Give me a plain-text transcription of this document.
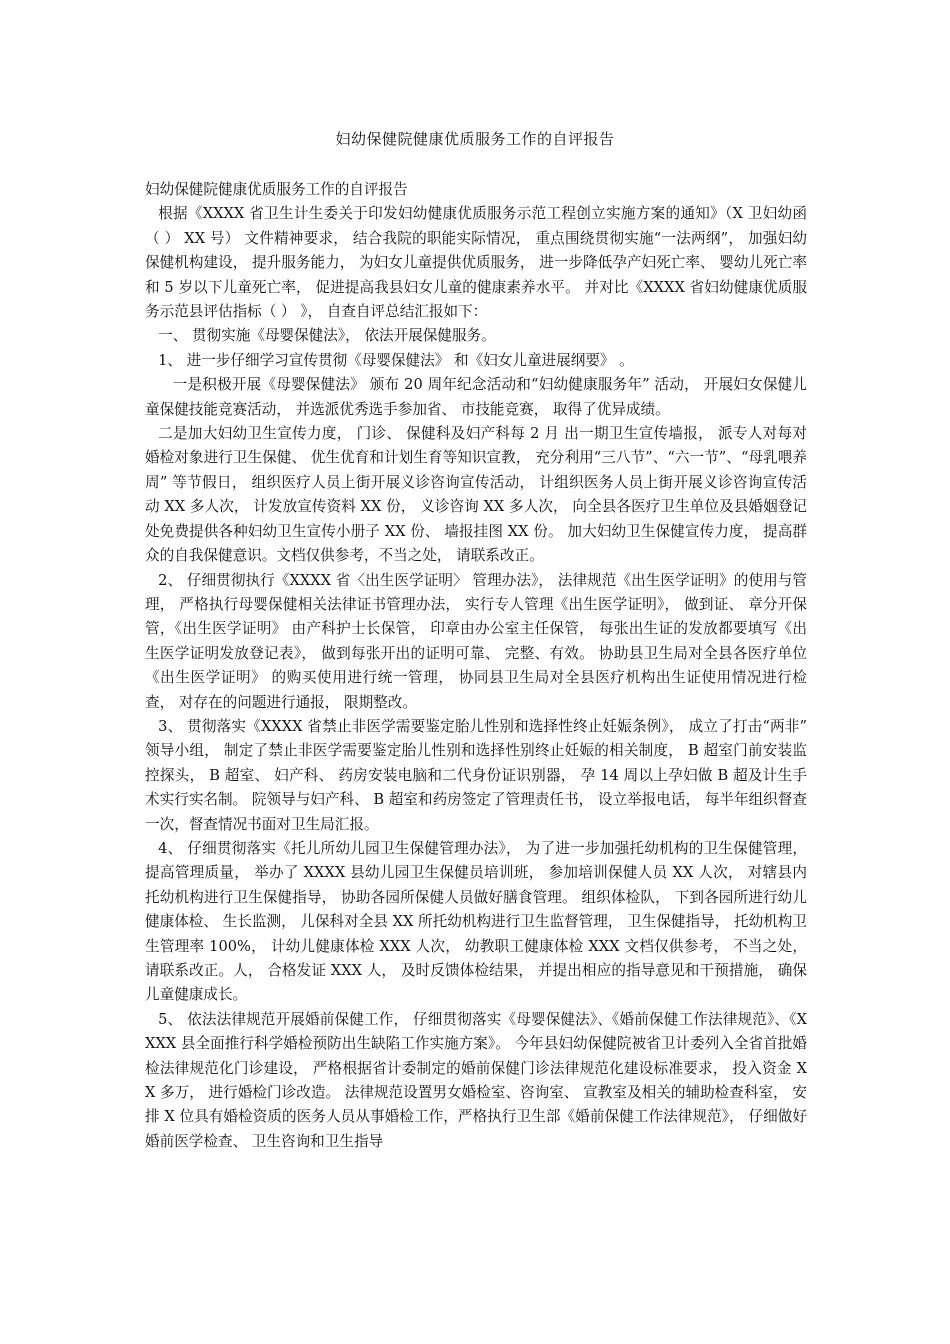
妇幼保健院健康优质服务工作的自评报告

妇幼保健院健康优质服务工作的自评报告

根据《XXXX 省卫生计生委关于印发妇幼健康优质服务示范工程创立实施方案的通知》（X 卫妇幼函（ ） XX 号） 文件精神要求， 结合我院的职能实际情况， 重点围绕贯彻实施“一法两纲”， 加强妇幼保健机构建设， 提升服务能力， 为妇女儿童提供优质服务， 进一步降低孕产妇死亡率、 婴幼儿死亡率和 5 岁以下儿童死亡率， 促进提高我县妇女儿童的健康素养水平。 并对比《XXXX 省妇幼健康优质服务示范县评估指标（ ） 》， 自查自评总结汇报如下：

一、 贯彻实施《母婴保健法》， 依法开展保健服务。

1、 进一步仔细学习宣传贯彻《母婴保健法》 和《妇女儿童进展纲要》 。

一是积极开展《母婴保健法》 颁布 20 周年纪念活动和“妇幼健康服务年” 活动， 开展妇女保健儿童保健技能竞赛活动， 并选派优秀选手参加省、 市技能竞赛， 取得了优异成绩。

二是加大妇幼卫生宣传力度， 门诊、 保健科及妇产科每 2 月 出一期卫生宣传墙报， 派专人对每对婚检对象进行卫生保健、 优生优育和计划生育等知识宣教， 充分利用“三八节”、“六一节”、“母乳喂养周” 等节假日， 组织医疗人员上街开展义诊咨询宣传活动， 计组织医务人员上街开展义诊咨询宣传活动 XX 多人次， 计发放宣传资料 XX 份， 义诊咨询 XX 多人次， 向全县各医疗卫生单位及县婚姻登记处免费提供各种妇幼卫生宣传小册子 XX 份、 墙报挂图 XX 份。 加大妇幼卫生保健宣传力度， 提高群众的自我保健意识。文档仅供参考，不当之处， 请联系改正。

2、 仔细贯彻执行《XXXX 省〈出生医学证明〉 管理办法》， 法律规范《出生医学证明》的使用与管理， 严格执行母婴保健相关法律证书管理办法， 实行专人管理《出生医学证明》， 做到证、 章分开保管，《出生医学证明》 由产科护士长保管， 印章由办公室主任保管， 每张出生证的发放都要填写《出生医学证明发放登记表》， 做到每张开出的证明可靠、 完整、有效。 协助县卫生局对全县各医疗单位《出生医学证明》 的购买使用进行统一管理， 协同县卫生局对全县医疗机构出生证使用情况进行检查， 对存在的问题进行通报， 限期整改。

3、 贯彻落实《XXXX 省禁止非医学需要鉴定胎儿性别和选择性终止妊娠条例》， 成立了打击“两非” 领导小组， 制定了禁止非医学需要鉴定胎儿性别和选择性别终止妊娠的相关制度， B 超室门前安装监控探头， B 超室、 妇产科、 药房安装电脑和二代身份证识别器， 孕 14 周以上孕妇做 B 超及计生手术实行实名制。 院领导与妇产科、 B 超室和药房签定了管理责任书， 设立举报电话， 每半年组织督查一次，督查情况书面对卫生局汇报。

4、 仔细贯彻落实《托儿所幼儿园卫生保健管理办法》， 为了进一步加强托幼机构的卫生保健管理， 提高管理质量， 举办了 XXXX 县幼儿园卫生保健员培训班， 参加培训保健人员 XX 人次， 对辖县内托幼机构进行卫生保健指导， 协助各园所保健人员做好膳食管理。 组织体检队， 下到各园所进行幼儿健康体检、 生长监测， 儿保科对全县 XX 所托幼机构进行卫生监督管理， 卫生保健指导， 托幼机构卫生管理率 100%， 计幼儿健康体检 XXX 人次， 幼教职工健康体检 XXX 文档仅供参考， 不当之处， 请联系改正。人， 合格发证 XXX 人， 及时反馈体检结果， 并提出相应的指导意见和干预措施， 确保儿童健康成长。

5、 依法法律规范开展婚前保健工作， 仔细贯彻落实《母婴保健法》、《婚前保健工作法律规范》、《XXXX 县全面推行科学婚检预防出生缺陷工作实施方案》。 今年县妇幼保健院被省卫计委列入全省首批婚检法律规范化门诊建设， 严格根据省计委制定的婚前保健门诊法律规范化建设标准要求， 投入资金 XX 多万， 进行婚检门诊改造。 法律规范设置男女婚检室、咨询室、 宣教室及相关的辅助检查科室， 安排 X 位具有婚检资质的医务人员从事婚检工作，严格执行卫生部《婚前保健工作法律规范》， 仔细做好婚前医学检查、 卫生咨询和卫生指导
